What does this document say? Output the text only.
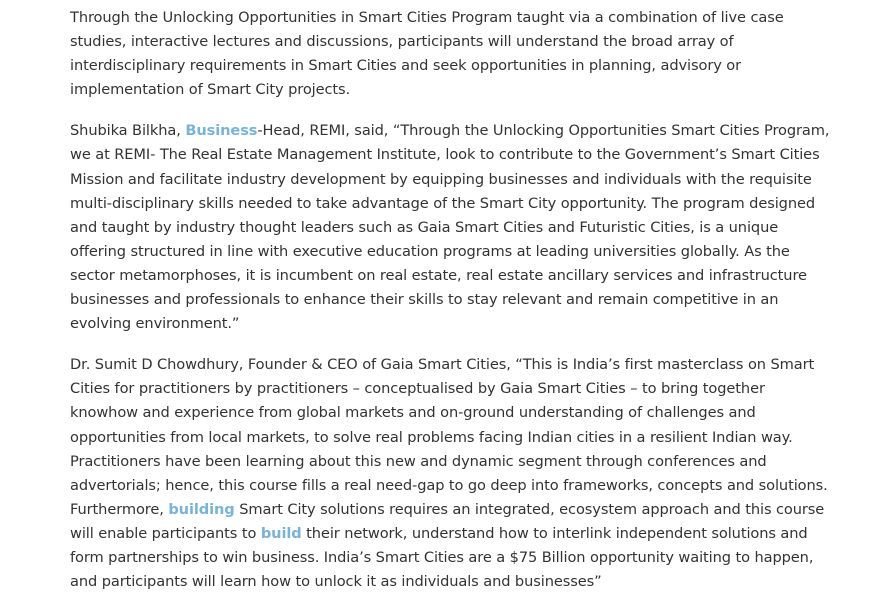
Through the Unlocking Opportunities in Smart Cities Program taught via a combination of live case studies, interactive lectures and discussions, participants will understand the broad array of interdisciplinary requirements in Smart Cities and seek opportunities in planning, advisory or implementation of Smart City projects.

Shubika Bilkha, Business-Head, REMI, said, “Through the Unlocking Opportunities Smart Cities Program, we at REMI- The Real Estate Management Institute, look to contribute to the Government’s Smart Cities Mission and facilitate industry development by equipping businesses and individuals with the requisite multi-disciplinary skills needed to take advantage of the Smart City opportunity. The program designed and taught by industry thought leaders such as Gaia Smart Cities and Futuristic Cities, is a unique offering structured in line with executive education programs at leading universities globally. As the sector metamorphoses, it is incumbent on real estate, real estate ancillary services and infrastructure businesses and professionals to enhance their skills to stay relevant and remain competitive in an evolving environment.”

Dr. Sumit D Chowdhury, Founder & CEO of Gaia Smart Cities, “This is India’s first masterclass on Smart Cities for practitioners by practitioners – conceptualised by Gaia Smart Cities – to bring together knowhow and experience from global markets and on-ground understanding of challenges and opportunities from local markets, to solve real problems facing Indian cities in a resilient Indian way. Practitioners have been learning about this new and dynamic segment through conferences and advertorials; hence, this course fills a real need-gap to go deep into frameworks, concepts and solutions. Furthermore, building Smart City solutions requires an integrated, ecosystem approach and this course will enable participants to build their network, understand how to interlink independent solutions and form partnerships to win business. India’s Smart Cities are a $75 Billion opportunity waiting to happen, and participants will learn how to unlock it as individuals and businesses”
